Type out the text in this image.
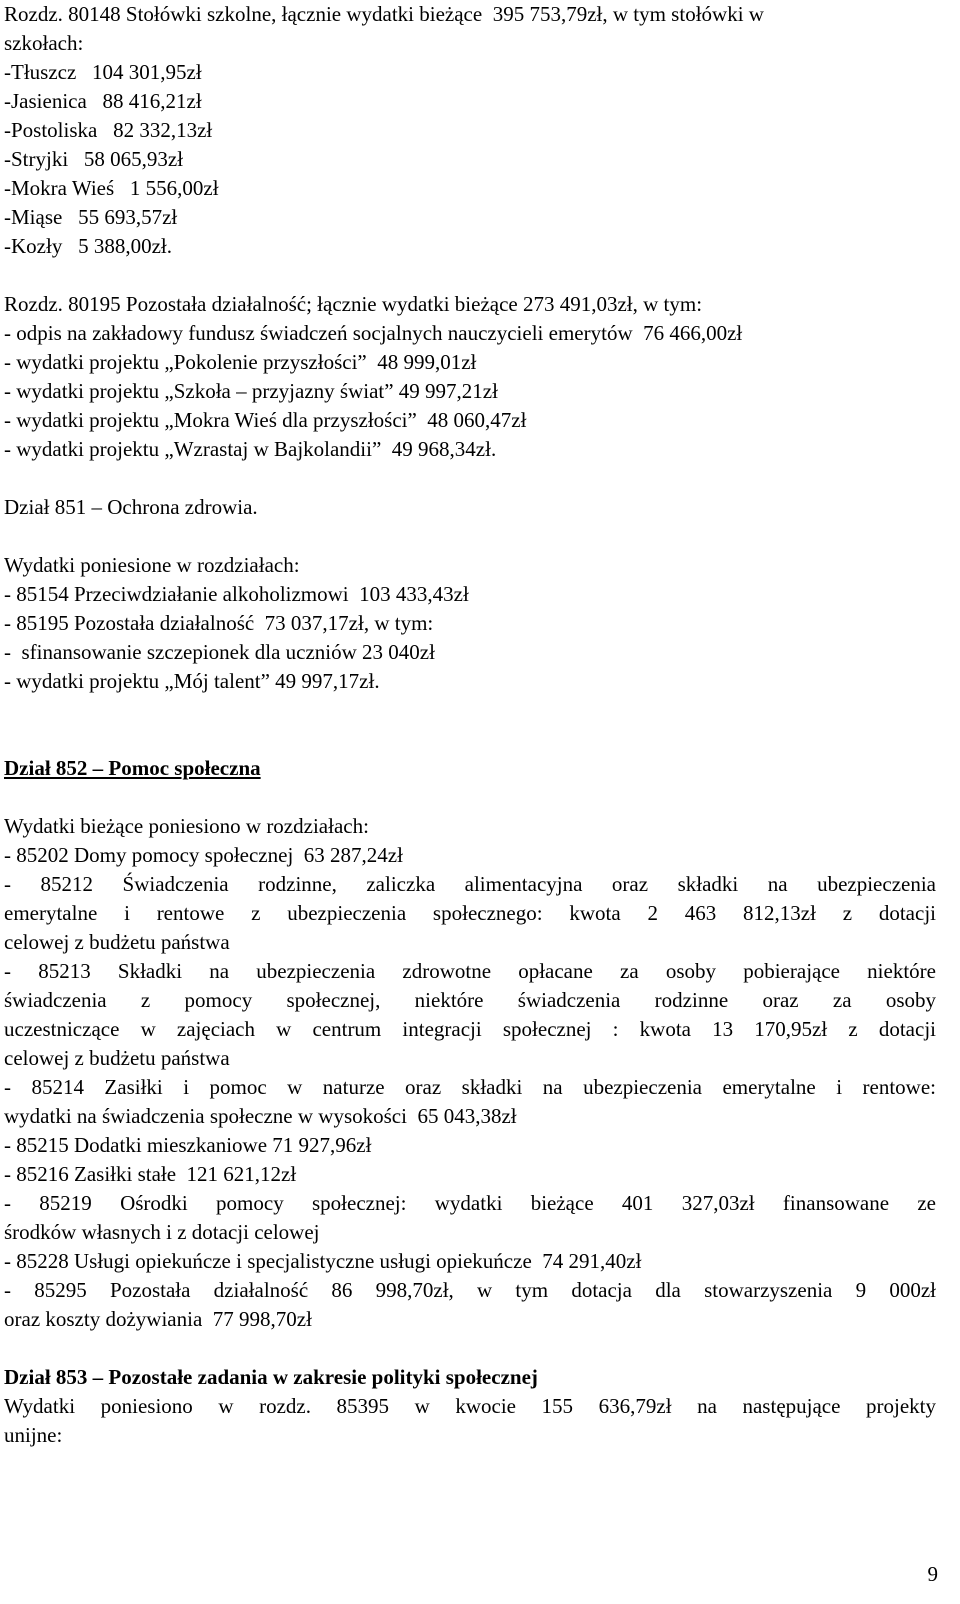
Rozdz. 80148 Stołówki szkolne, łącznie wydatki bieżące  395 753,79zł, w tym stołówki w
szkołach:
-Tłuszcz   104 301,95zł
-Jasienica   88 416,21zł
-Postoliska   82 332,13zł
-Stryjki   58 065,93zł
-Mokra Wieś   1 556,00zł
-Miąse   55 693,57zł
-Kozły   5 388,00zł.
Rozdz. 80195 Pozostała działalność; łącznie wydatki bieżące 273 491,03zł, w tym:
- odpis na zakładowy fundusz świadczeń socjalnych nauczycieli emerytów  76 466,00zł
- wydatki projektu „Pokolenie przyszłości”  48 999,01zł
- wydatki projektu „Szkoła – przyjazny świat” 49 997,21zł
- wydatki projektu „Mokra Wieś dla przyszłości”  48 060,47zł
- wydatki projektu „Wzrastaj w Bajkolandii”  49 968,34zł.
Dział 851 – Ochrona zdrowia.
Wydatki poniesione w rozdziałach:
- 85154 Przeciwdziałanie alkoholizmowi  103 433,43zł
- 85195 Pozostała działalność  73 037,17zł, w tym:
-  sfinansowanie szczepionek dla uczniów 23 040zł
- wydatki projektu „Mój talent” 49 997,17zł.
Dział 852 – Pomoc społeczna
Wydatki bieżące poniesiono w rozdziałach:
- 85202 Domy pomocy społecznej  63 287,24zł
- 85212 Świadczenia rodzinne, zaliczka alimentacyjna oraz składki na ubezpieczenia
emerytalne i rentowe z ubezpieczenia społecznego: kwota 2 463 812,13zł z dotacji
celowej z budżetu państwa
- 85213 Składki na ubezpieczenia zdrowotne opłacane za osoby pobierające niektóre
świadczenia z pomocy społecznej, niektóre świadczenia rodzinne oraz za osoby
uczestniczące w zajęciach w centrum integracji społecznej : kwota 13 170,95zł z dotacji
celowej z budżetu państwa
- 85214 Zasiłki i pomoc w naturze oraz składki na ubezpieczenia emerytalne i rentowe:
wydatki na świadczenia społeczne w wysokości  65 043,38zł
- 85215 Dodatki mieszkaniowe 71 927,96zł
- 85216 Zasiłki stałe  121 621,12zł
- 85219 Ośrodki pomocy społecznej: wydatki bieżące 401 327,03zł finansowane ze
środków własnych i z dotacji celowej
- 85228 Usługi opiekuńcze i specjalistyczne usługi opiekuńcze  74 291,40zł
- 85295 Pozostała działalność 86 998,70zł, w tym dotacja dla stowarzyszenia 9 000zł
oraz koszty dożywiania  77 998,70zł
Dział 853 – Pozostałe zadania w zakresie polityki społecznej
Wydatki poniesiono w rozdz. 85395 w kwocie 155 636,79zł na następujące projekty
unijne:
9
